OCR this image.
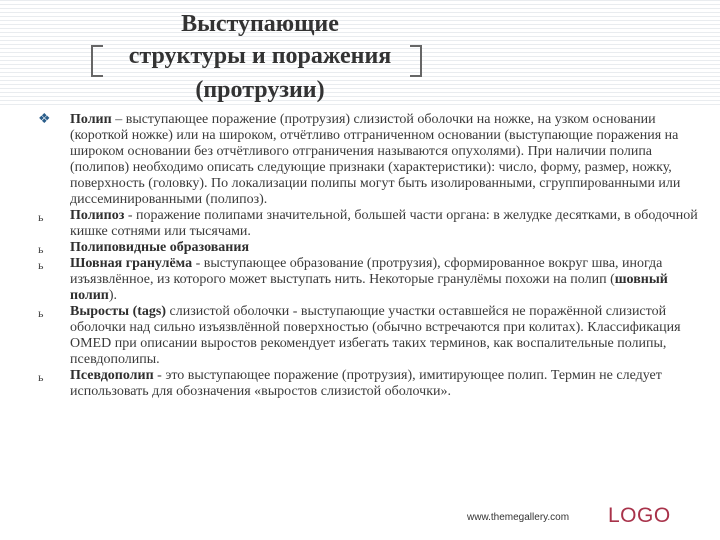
Выступающие
структуры и поражения
(протрузии)
❖ Полип – выступающее поражение (протрузия) слизистой оболочки на ножке, на узком основании (короткой ножке) или на широком, отчётливо отграниченном основании (выступающие поражения на широком основании без отчётливого отграничения называются опухолями). При наличии полипа (полипов) необходимо описать следующие признаки (характеристики): число, форму, размер, ножку, поверхность (головку). По локализации полипы могут быть изолированными, сгруппированными или диссеминированными (полипоз).

ь	Полипоз - поражение полипами значительной, большей части органа: в желудке десятками, в ободочной кишке сотнями или тысячами.

ь	Полиповидные образования

ь	Шовная гранулёма - выступающее образование (протрузия), сформированное вокруг шва, иногда изъязвлённое, из которого может выступать нить. Некоторые гранулёмы похожи на полип (шовный полип).

ь	Выросты (tags) слизистой оболочки - выступающие участки оставшейся не поражённой слизистой оболочки над сильно изъязвлённой поверхностью (обычно встречаются при колитах). Классификация OMED при описании выростов рекомендует избегать таких терминов, как воспалительные полипы, псевдополипы.

ь	Псевдополип - это выступающее поражение (протрузия), имитирующее полип. Термин не следует использовать для обозначения «выростов слизистой оболочки».

www.themegallery.com LOGO
